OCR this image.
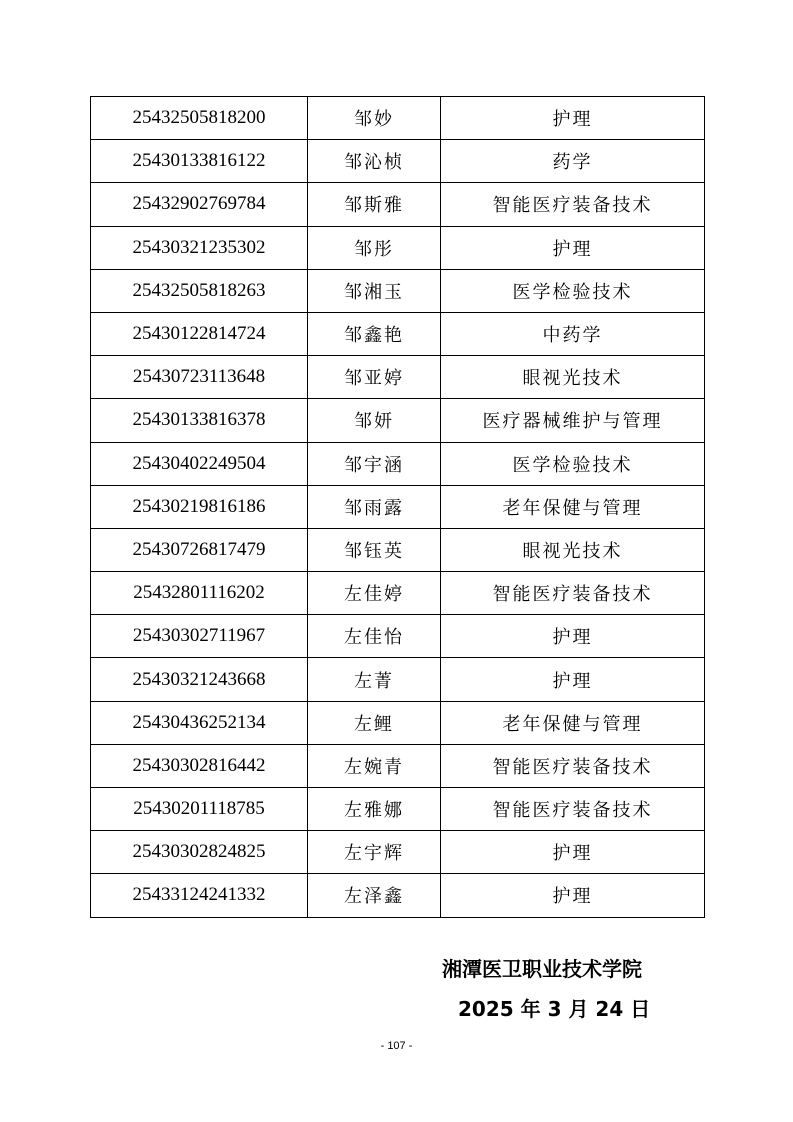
25432505818200	邹妙	护理
25430133816122	邹沁桢	药学
25432902769784	邹斯雅	智能医疗装备技术
25430321235302	邹彤	护理
25432505818263	邹湘玉	医学检验技术
25430122814724	邹鑫艳	中药学
25430723113648	邹亚婷	眼视光技术
25430133816378	邹妍	医疗器械维护与管理
25430402249504	邹宇涵	医学检验技术
25430219816186	邹雨露	老年保健与管理
25430726817479	邹钰英	眼视光技术
25432801116202	左佳婷	智能医疗装备技术
25430302711967	左佳怡	护理
25430321243668	左菁	护理
25430436252134	左鲤	老年保健与管理
25430302816442	左婉青	智能医疗装备技术
25430201118785	左雅娜	智能医疗装备技术
25430302824825	左宇辉	护理
25433124241332	左泽鑫	护理
湘潭医卫职业技术学院
2025 年 3 月 24 日
- 107 -
